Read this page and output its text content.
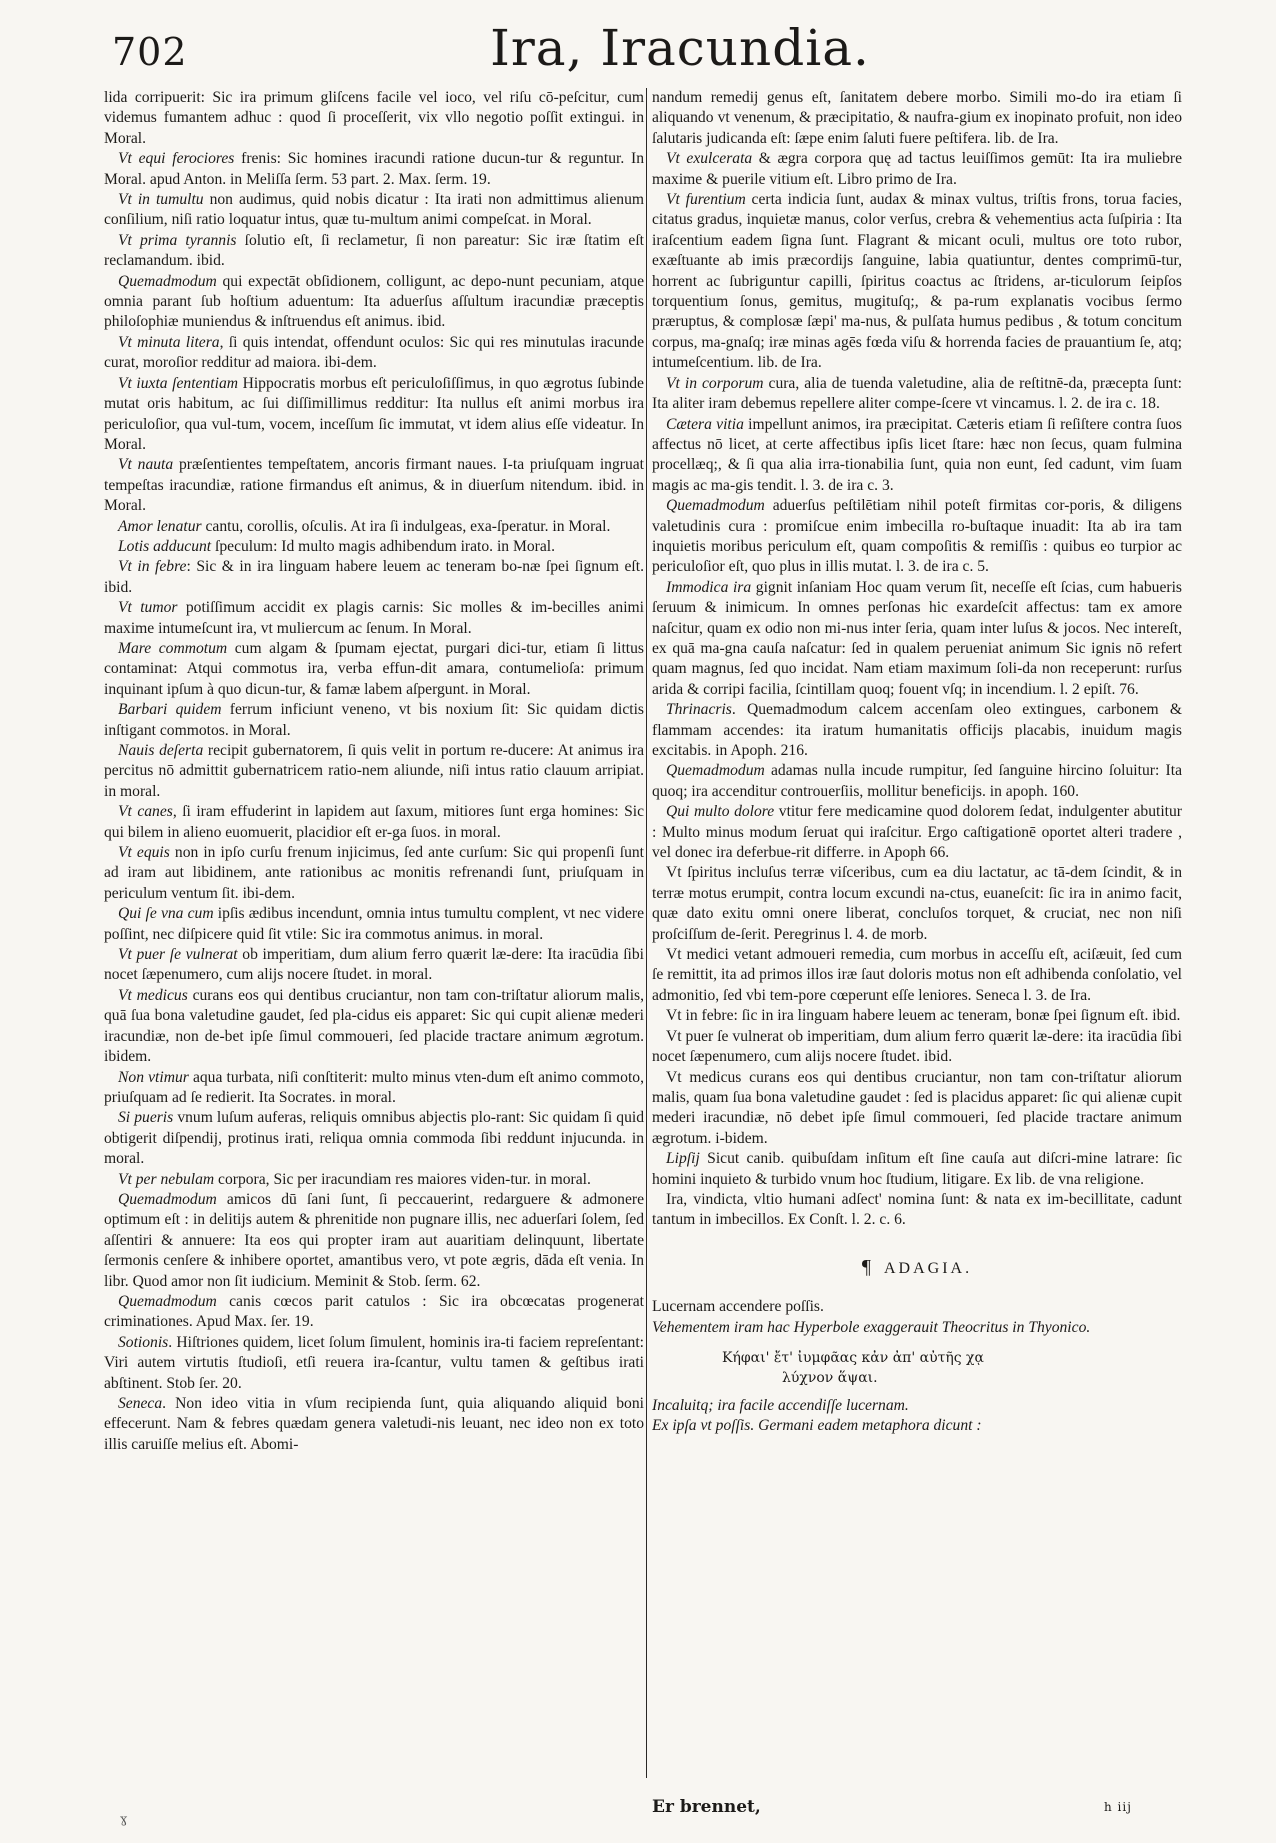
702	Ira, Iracundia.

lida corripuerit: Sic ira primum gliſcens facile vel ioco, vel riſu cō-peſcitur, cum videmus fumantem adhuc : quod ſi proceſſerit, vix vllo negotio poſſit extingui. in Moral.

Vt equi ferociores frenis: Sic homines iracundi ratione ducun-tur & reguntur. In Moral. apud Anton. in Meliſſa ſerm. 53 part. 2. Max. ſerm. 19.

Vt in tumultu non audimus, quid nobis dicatur : Ita irati non admittimus alienum conſilium, niſi ratio loquatur intus, quæ tu-multum animi compeſcat. in Moral.

Vt prima tyrannis ſolutio eſt, ſi reclametur, ſi non pareatur: Sic iræ ſtatim eſt reclamandum. ibid.

Quemadmodum qui expectāt obſidionem, colligunt, ac depo-nunt pecuniam, atque omnia parant ſub hoſtium aduentum: Ita aduerſus aſſultum iracundiæ præceptis philoſophiæ muniendus & inſtruendus eſt animus. ibid.

Vt minuta litera, ſi quis intendat, offendunt oculos: Sic qui res minutulas iracunde curat, moroſior redditur ad maiora. ibi-dem.

Vt iuxta ſententiam Hippocratis morbus eſt periculoſiſſimus, in quo ægrotus ſubinde mutat oris habitum, ac ſui diſſimillimus redditur: Ita nullus eſt animi morbus ira periculoſior, qua vul-tum, vocem, inceſſum ſic immutat, vt idem alius eſſe videatur. In Moral.

Vt nauta præſentientes tempeſtatem, ancoris firmant naues. I-ta priuſquam ingruat tempeſtas iracundiæ, ratione firmandus eſt animus, & in diuerſum nitendum. ibid. in Moral.

Amor lenatur cantu, corollis, oſculis. At ira ſi indulgeas, exa-ſperatur. in Moral.

Lotis adducunt ſpeculum: Id multo magis adhibendum irato. in Moral.

Vt in febre: Sic & in ira linguam habere leuem ac teneram bo-næ ſpei ſignum eſt. ibid.

Vt tumor potiſſimum accidit ex plagis carnis: Sic molles & im-becilles animi maxime intumeſcunt ira, vt muliercum ac ſenum. In Moral.

Mare commotum cum algam & ſpumam ejectat, purgari dici-tur, etiam ſi littus contaminat: Atqui commotus ira, verba effun-dit amara, contumelioſa: primum inquinant ipſum à quo dicun-tur, & famæ labem aſpergunt. in Moral.

Barbari quidem ferrum inficiunt veneno, vt bis noxium ſit: Sic quidam dictis inſtigant commotos. in Moral.

Nauis deſerta recipit gubernatorem, ſi quis velit in portum re-ducere: At animus ira percitus nō admittit gubernatricem ratio-nem aliunde, niſi intus ratio clauum arripiat. in moral.

Vt canes, ſi iram effuderint in lapidem aut ſaxum, mitiores ſunt erga homines: Sic qui bilem in alieno euomuerit, placidior eſt er-ga ſuos. in moral.

Vt equis non in ipſo curſu frenum injicimus, ſed ante curſum: Sic qui propenſi ſunt ad iram aut libidinem, ante rationibus ac monitis refrenandi ſunt, priuſquam in periculum ventum ſit. ibi-dem.

Qui ſe vna cum ipſis ædibus incendunt, omnia intus tumultu complent, vt nec videre poſſint, nec diſpicere quid ſit vtile: Sic ira commotus animus. in moral.

Vt puer ſe vulnerat ob imperitiam, dum alium ferro quærit læ-dere: Ita iracūdia ſibi nocet ſæpenumero, cum alijs nocere ſtudet. in moral.

Vt medicus curans eos qui dentibus cruciantur, non tam con-triſtatur aliorum malis, quā ſua bona valetudine gaudet, ſed pla-cidus eis apparet: Sic qui cupit alienæ mederi iracundiæ, non de-bet ipſe ſimul commoueri, ſed placide tractare animum ægrotum. ibidem.

Non vtimur aqua turbata, niſi conſtiterit: multo minus vten-dum eſt animo commoto, priuſquam ad ſe redierit. Ita Socrates. in moral.

Si pueris vnum luſum auferas, reliquis omnibus abjectis plo-rant: Sic quidam ſi quid obtigerit diſpendij, protinus irati, reliqua omnia commoda ſibi reddunt injucunda. in moral.

Vt per nebulam corpora, Sic per iracundiam res maiores viden-tur. in moral.

Quemadmodum amicos dū ſani ſunt, ſi peccauerint, redarguere & admonere optimum eſt : in delitijs autem & phrenitide non pugnare illis, nec aduerſari ſolem, ſed aſſentiri & annuere: Ita eos qui propter iram aut auaritiam delinquunt, libertate ſermonis cenſere & inhibere oportet, amantibus vero, vt pote ægris, dāda eſt venia. In libr. Quod amor non ſit iudicium. Meminit & Stob. ſerm. 62.

Quemadmodum canis cœcos parit catulos : Sic ira obcœcatas progenerat criminationes. Apud Max. ſer. 19.

Sotionis. Hiſtriones quidem, licet ſolum ſimulent, hominis ira-ti faciem repreſentant: Viri autem virtutis ſtudioſi, etſi reuera ira-ſcantur, vultu tamen & geſtibus irati abſtinent. Stob ſer. 20.

Seneca. Non ideo vitia in vſum recipienda ſunt, quia aliquando aliquid boni effecerunt. Nam & febres quædam genera valetudi-nis leuant, nec ideo non ex toto illis caruiſſe melius eſt. Abomi-

nandum remedij genus eſt, ſanitatem debere morbo. Simili mo-do ira etiam ſi aliquando vt venenum, & præcipitatio, & naufra-gium ex inopinato profuit, non ideo ſalutaris judicanda eſt: ſæpe enim ſaluti fuere peſtifera. lib. de Ira.

Vt exulcerata & ægra corpora quę ad tactus leuiſſimos gemūt: Ita ira muliebre maxime & puerile vitium eſt. Libro primo de Ira.

Vt furentium certa indicia ſunt, audax & minax vultus, triſtis frons, torua facies, citatus gradus, inquietæ manus, color verſus, crebra & vehementius acta ſuſpiria : Ita iraſcentium eadem ſigna ſunt. Flagrant & micant oculi, multus ore toto rubor, exæſtuante ab imis præcordijs ſanguine, labia quatiuntur, dentes comprimū-tur, horrent ac ſubriguntur capilli, ſpiritus coactus ac ſtridens, ar-ticulorum ſeipſos torquentium ſonus, gemitus, mugituſq;, & pa-rum explanatis vocibus ſermo præruptus, & complosæ ſæpi' ma-nus, & pulſata humus pedibus , & totum concitum corpus, ma-gnaſq; iræ minas agēs fœda viſu & horrenda facies de prauantium ſe, atq; intumeſcentium. lib. de Ira.

Vt in corporum cura, alia de tuenda valetudine, alia de reſtitnē-da, præcepta ſunt: Ita aliter iram debemus repellere aliter compe-ſcere vt vincamus. l. 2. de ira c. 18.

Cætera vitia impellunt animos, ira præcipitat. Cæteris etiam ſi reſiſtere contra ſuos affectus nō licet, at certe affectibus ipſis licet ſtare: hæc non ſecus, quam fulmina procellæq;, & ſi qua alia irra-tionabilia ſunt, quia non eunt, ſed cadunt, vim ſuam magis ac ma-gis tendit. l. 3. de ira c. 3.

Quemadmodum aduerſus peſtilētiam nihil poteſt firmitas cor-poris, & diligens valetudinis cura : promiſcue enim imbecilla ro-buſtaque inuadit: Ita ab ira tam inquietis moribus periculum eſt, quam compoſitis & remiſſis : quibus eo turpior ac periculoſior eſt, quo plus in illis mutat. l. 3. de ira c. 5.

Immodica ira gignit inſaniam Hoc quam verum ſit, neceſſe eſt ſcias, cum habueris ſeruum & inimicum. In omnes perſonas hic exardeſcit affectus: tam ex amore naſcitur, quam ex odio non mi-nus inter ſeria, quam inter luſus & jocos. Nec intereſt, ex quā ma-gna cauſa naſcatur: ſed in qualem perueniat animum Sic ignis nō refert quam magnus, ſed quo incidat. Nam etiam maximum ſoli-da non receperunt: rurſus arida & corripi facilia, ſcintillam quoq; fouent vſq; in incendium. l. 2 epiſt. 76.

Thrinacris. Quemadmodum calcem accenſam oleo extingues, carbonem & flammam accendes: ita iratum humanitatis officijs placabis, inuidum magis excitabis. in Apoph. 216.

Quemadmodum adamas nulla incude rumpitur, ſed ſanguine hircino ſoluitur: Ita quoq; ira accenditur controuerſiis, mollitur beneficijs. in apoph. 160.

Qui multo dolore vtitur fere medicamine quod dolorem ſedat, indulgenter abutitur : Multo minus modum ſeruat qui iraſcitur. Ergo caſtigationē oportet alteri tradere , vel donec ira deferbue-rit differre. in Apoph 66.

Vt ſpiritus incluſus terræ viſceribus, cum ea diu lactatur, ac tā-dem ſcindit, & in terræ motus erumpit, contra locum excundi na-ctus, euaneſcit: ſic ira in animo facit, quæ dato exitu omni onere liberat, concluſos torquet, & cruciat, nec non niſi proſciſſum de-ſerit. Peregrinus l. 4. de morb.

Vt medici vetant admoueri remedia, cum morbus in acceſſu eſt, aciſæuit, ſed cum ſe remittit, ita ad primos illos iræ ſaut doloris motus non eſt adhibenda conſolatio, vel admonitio, ſed vbi tem-pore cœperunt eſſe leniores. Seneca l. 3. de Ira.

Vt in febre: ſic in ira linguam habere leuem ac teneram, bonæ ſpei ſignum eſt. ibid.

Vt puer ſe vulnerat ob imperitiam, dum alium ferro quærit læ-dere: ita iracūdia ſibi nocet ſæpenumero, cum alijs nocere ſtudet. ibid.

Vt medicus curans eos qui dentibus cruciantur, non tam con-triſtatur aliorum malis, quam ſua bona valetudine gaudet : ſed is placidus apparet: ſic qui alienæ cupit mederi iracundiæ, nō debet ipſe ſimul commoueri, ſed placide tractare animum ægrotum. i-bidem.

Lipſij Sicut canib. quibuſdam inſitum eſt ſine cauſa aut diſcri-mine latrare: ſic homini inquieto & turbido vnum hoc ſtudium, litigare. Ex lib. de vna religione.

Ira, vindicta, vltio humani adſect' nomina ſunt: & nata ex im-becillitate, cadunt tantum in imbecillos. Ex Conſt. l. 2. c. 6.

¶ ADAGIA.

Lucernam accendere poſſis.

Vehementem iram hac Hyperbole exaggerauit Theocritus in Thyonico.

Κήφαι' ἔτ' ἰυμφᾶας κἀν ἀπ' αὐτῆς χᾳ
λύχνον ἅψαι.

Incaluitq; ira facile accendiſſe lucernam.

Ex ipſa vt poſſis. Germani eadem metaphora dicunt :

Er brennet,	h iij
ɣ
